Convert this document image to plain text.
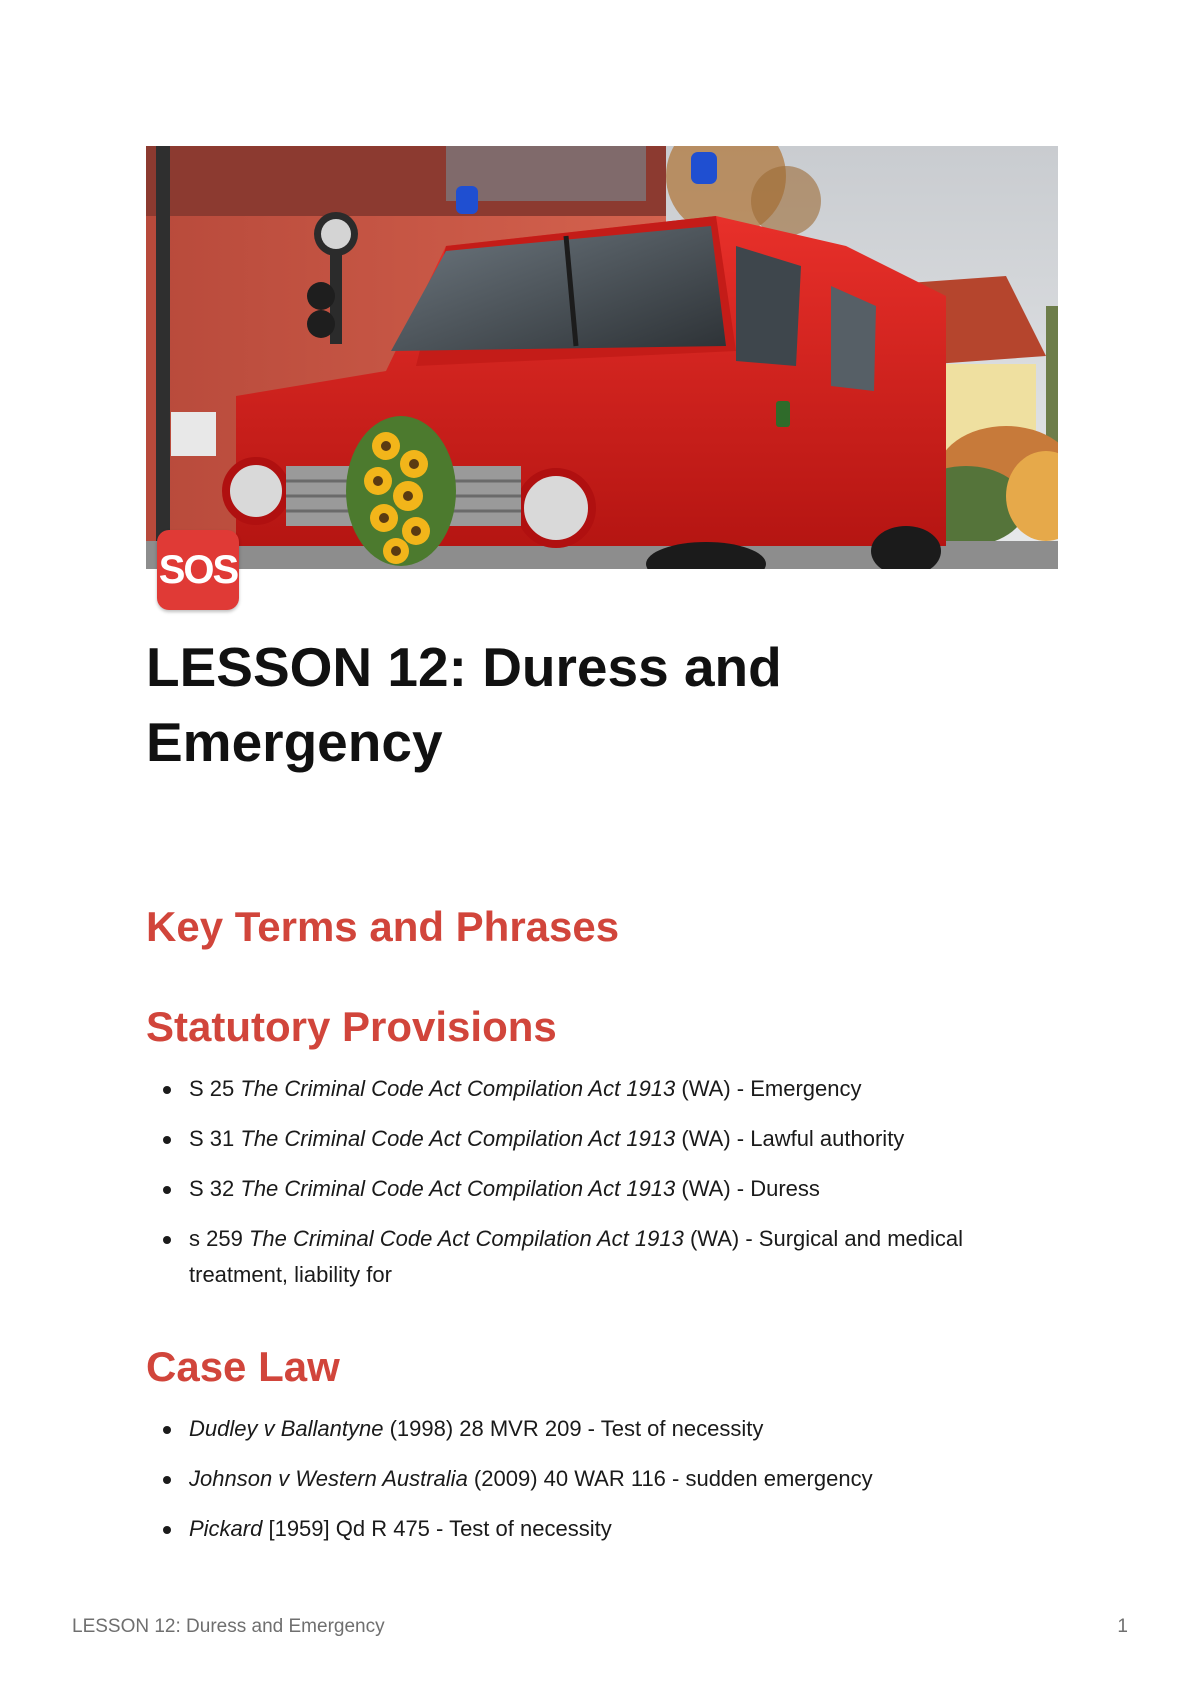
SOS
LESSON 12: Duress and Emergency
Key Terms and Phrases
Statutory Provisions
S 25 The Criminal Code Act Compilation Act 1913 (WA) - Emergency
S 31 The Criminal Code Act Compilation Act 1913 (WA) - Lawful authority
S 32 The Criminal Code Act Compilation Act 1913 (WA) - Duress
s 259 The Criminal Code Act Compilation Act 1913 (WA) - Surgical and medical treatment, liability for
Case Law
Dudley v Ballantyne (1998) 28 MVR 209 - Test of necessity
Johnson v Western Australia (2009) 40 WAR 116 - sudden emergency
Pickard [1959] Qd R 475 - Test of necessity
LESSON 12: Duress and Emergency	1
